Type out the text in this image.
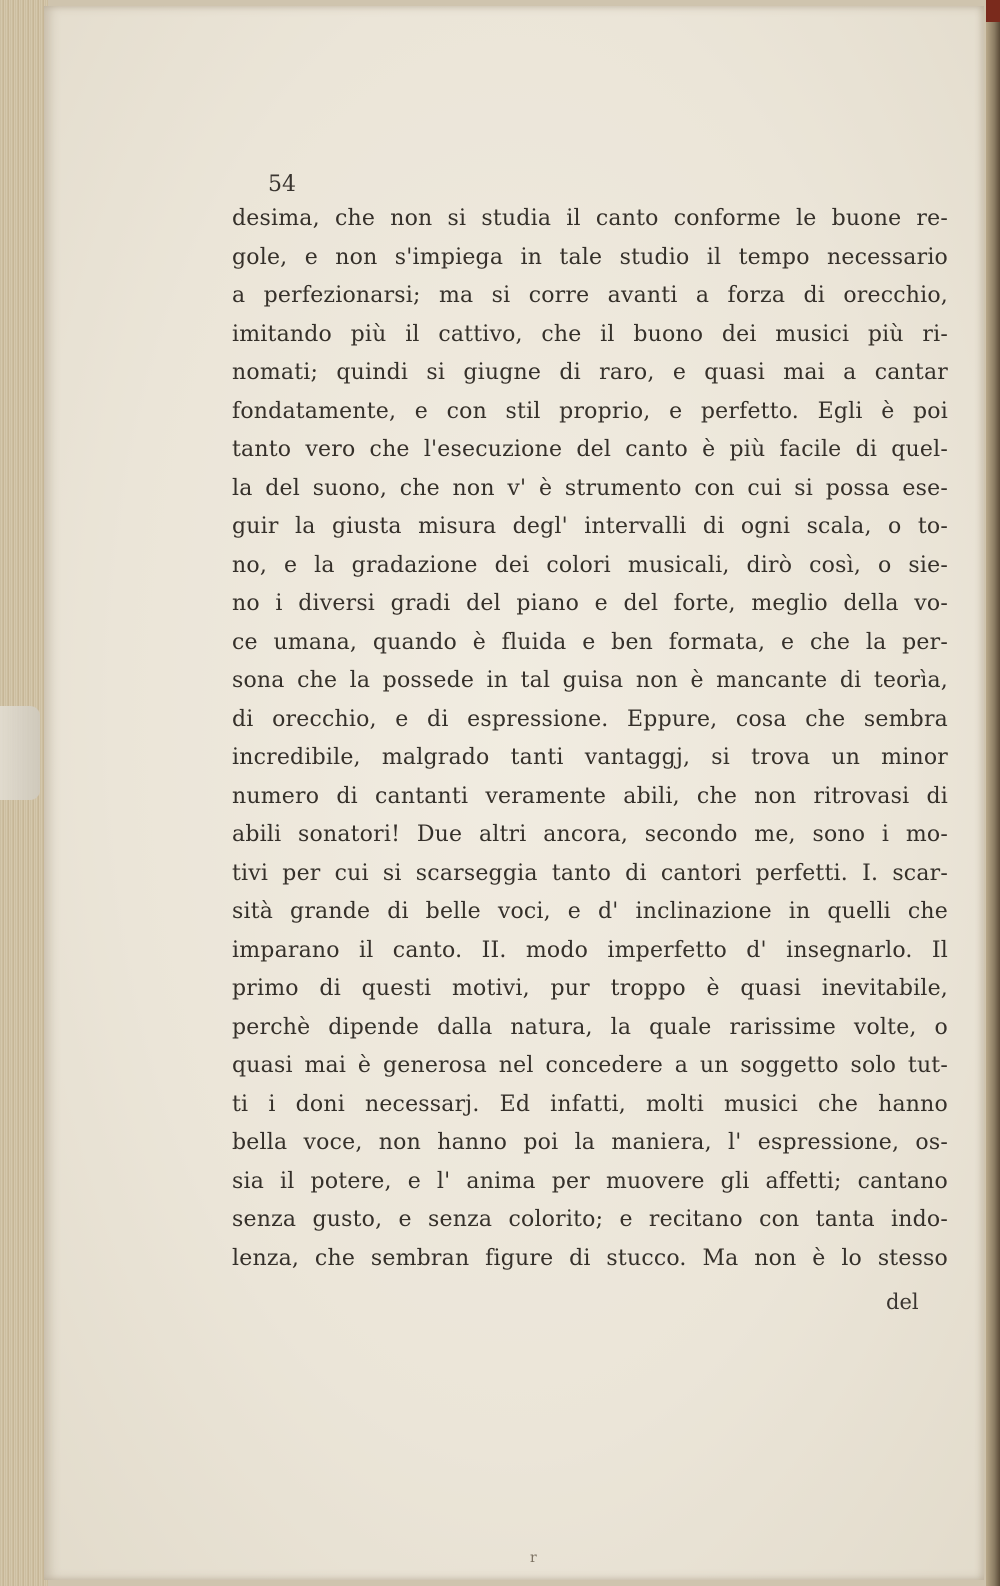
54

desima, che non si studia il canto conforme le buone re-
gole, e non s'impiega in tale studio il tempo necessario
a perfezionarsi; ma si corre avanti a forza di orecchio,
imitando più il cattivo, che il buono dei musici più ri-
nomati; quindi si giugne di raro, e quasi mai a cantar
fondatamente, e con stil proprio, e perfetto. Egli è poi
tanto vero che l'esecuzione del canto è più facile di quel-
la del suono, che non v' è strumento con cui si possa ese-
guir la giusta misura degl' intervalli di ogni scala, o to-
no, e la gradazione dei colori musicali, dirò così, o sie-
no i diversi gradi del piano e del forte, meglio della vo-
ce umana, quando è fluida e ben formata, e che la per-
sona che la possede in tal guisa non è mancante di teorìa,
di orecchio, e di espressione. Eppure, cosa che sembra
incredibile, malgrado tanti vantaggj, si trova un minor
numero di cantanti veramente abili, che non ritrovasi di
abili sonatori! Due altri ancora, secondo me, sono i mo-
tivi per cui si scarseggia tanto di cantori perfetti. I. scar-
sità grande di belle voci, e d' inclinazione in quelli che
imparano il canto. II. modo imperfetto d' insegnarlo. Il
primo di questi motivi, pur troppo è quasi inevitabile,
perchè dipende dalla natura, la quale rarissime volte, o
quasi mai è generosa nel concedere a un soggetto solo tut-
ti i doni necessarj. Ed infatti, molti musici che hanno
bella voce, non hanno poi la maniera, l' espressione, os-
sia il potere, e l' anima per muovere gli affetti; cantano
senza gusto, e senza colorito; e recitano con tanta indo-
lenza, che sembran figure di stucco. Ma non è lo stesso
del
r
